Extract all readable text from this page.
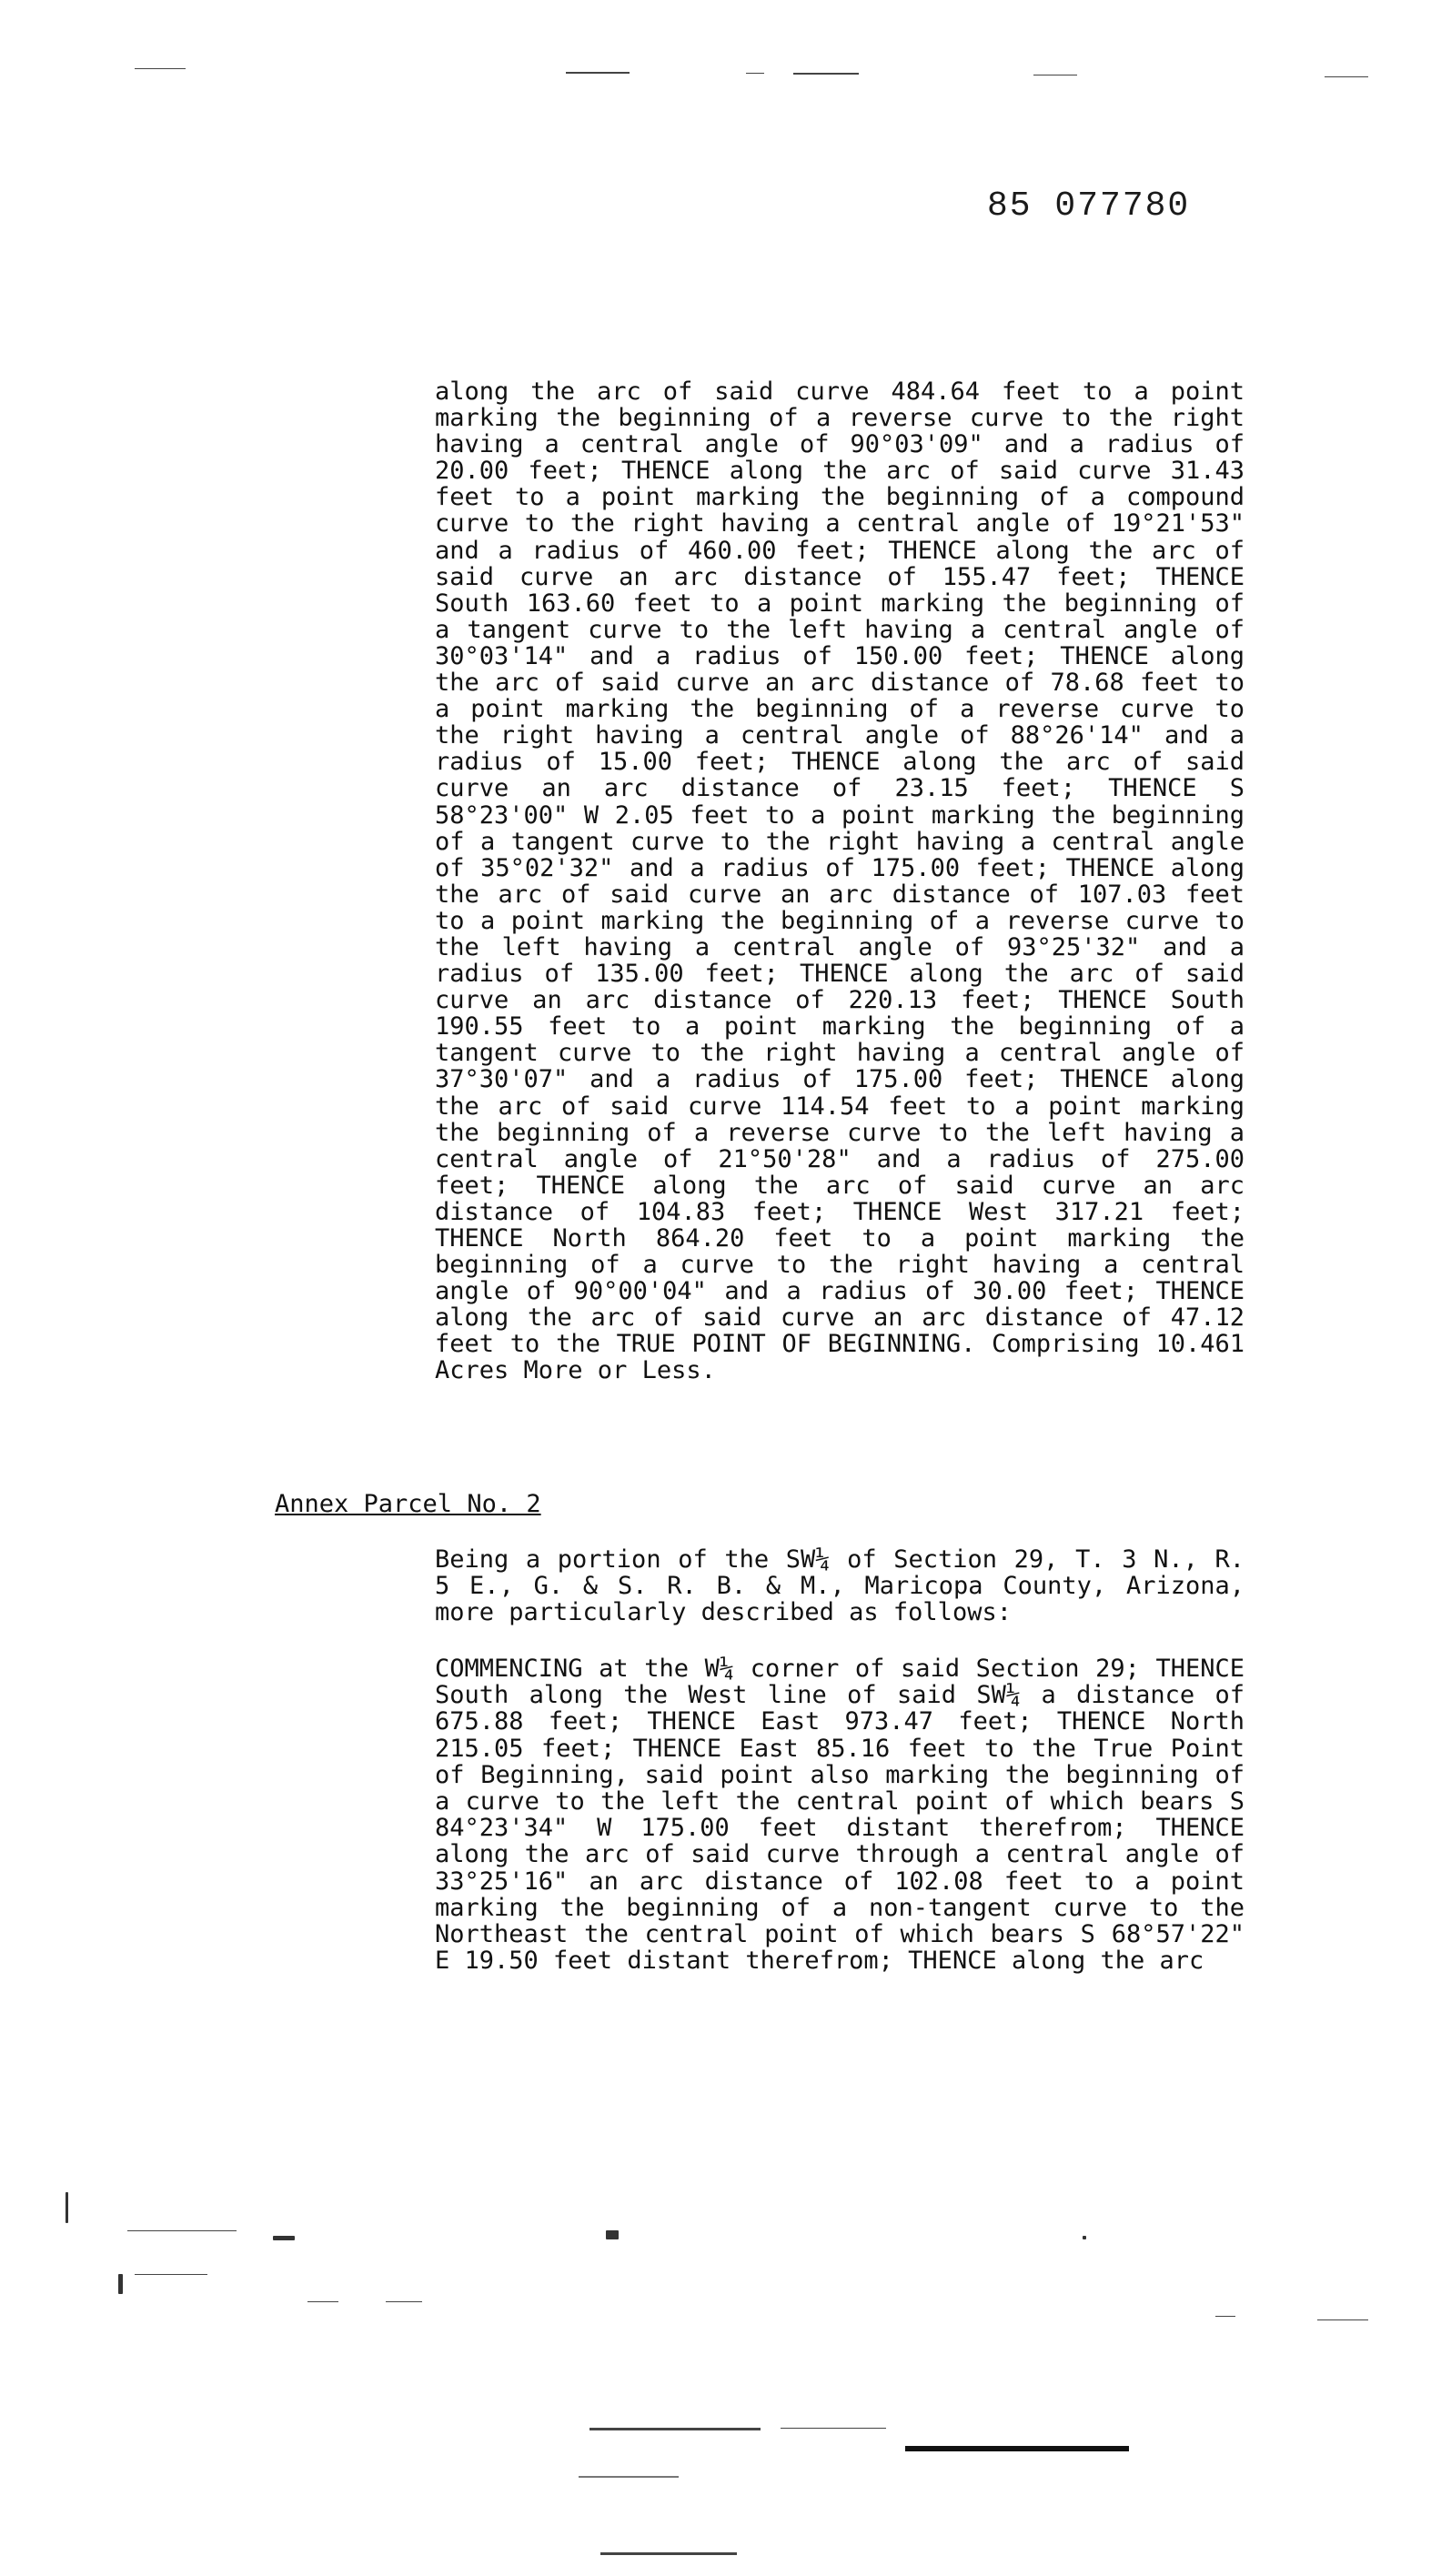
85 077780
along the arc of said curve 484.64 feet to a point marking the beginning of a reverse curve to the right having a central angle of 90°03'09" and a radius of 20.00 feet; THENCE along the arc of said curve 31.43 feet to a point marking the beginning of a compound curve to the right having a central angle of 19°21'53" and a radius of 460.00 feet; THENCE along the arc of said curve an arc distance of 155.47 feet; THENCE South 163.60 feet to a point marking the beginning of a tangent curve to the left having a central angle of 30°03'14" and a radius of 150.00 feet; THENCE along the arc of said curve an arc distance of 78.68 feet to a point marking the beginning of a reverse curve to the right having a central angle of 88°26'14" and a radius of 15.00 feet; THENCE along the arc of said curve an arc distance of 23.15 feet; THENCE S 58°23'00" W 2.05 feet to a point marking the beginning of a tangent curve to the right having a central angle of 35°02'32" and a radius of 175.00 feet; THENCE along the arc of said curve an arc distance of 107.03 feet to a point marking the beginning of a reverse curve to the left having a central angle of 93°25'32" and a radius of 135.00 feet; THENCE along the arc of said curve an arc distance of 220.13 feet; THENCE South 190.55 feet to a point marking the beginning of a tangent curve to the right having a central angle of 37°30'07" and a radius of 175.00 feet; THENCE along the arc of said curve 114.54 feet to a point marking the beginning of a reverse curve to the left having a central angle of 21°50'28" and a radius of 275.00 feet; THENCE along the arc of said curve an arc distance of 104.83 feet; THENCE West 317.21 feet; THENCE North 864.20 feet to a point marking the beginning of a curve to the right having a central angle of 90°00'04" and a radius of 30.00 feet; THENCE along the arc of said curve an arc distance of 47.12 feet to the TRUE POINT OF BEGINNING. Comprising 10.461 Acres More or Less.
Annex Parcel No. 2
Being a portion of the SW¼ of Section 29, T. 3 N., R. 5 E., G. & S. R. B. & M., Maricopa County, Arizona, more particularly described as follows:
COMMENCING at the W¼ corner of said Section 29; THENCE South along the West line of said SW¼ a distance of 675.88 feet; THENCE East 973.47 feet; THENCE North 215.05 feet; THENCE East 85.16 feet to the True Point of Beginning, said point also marking the beginning of a curve to the left the central point of which bears S 84°23'34" W 175.00 feet distant therefrom; THENCE along the arc of said curve through a central angle of 33°25'16" an arc distance of 102.08 feet to a point marking the beginning of a non-tangent curve to the Northeast the central point of which bears S 68°57'22" E 19.50 feet distant therefrom; THENCE along the arc
